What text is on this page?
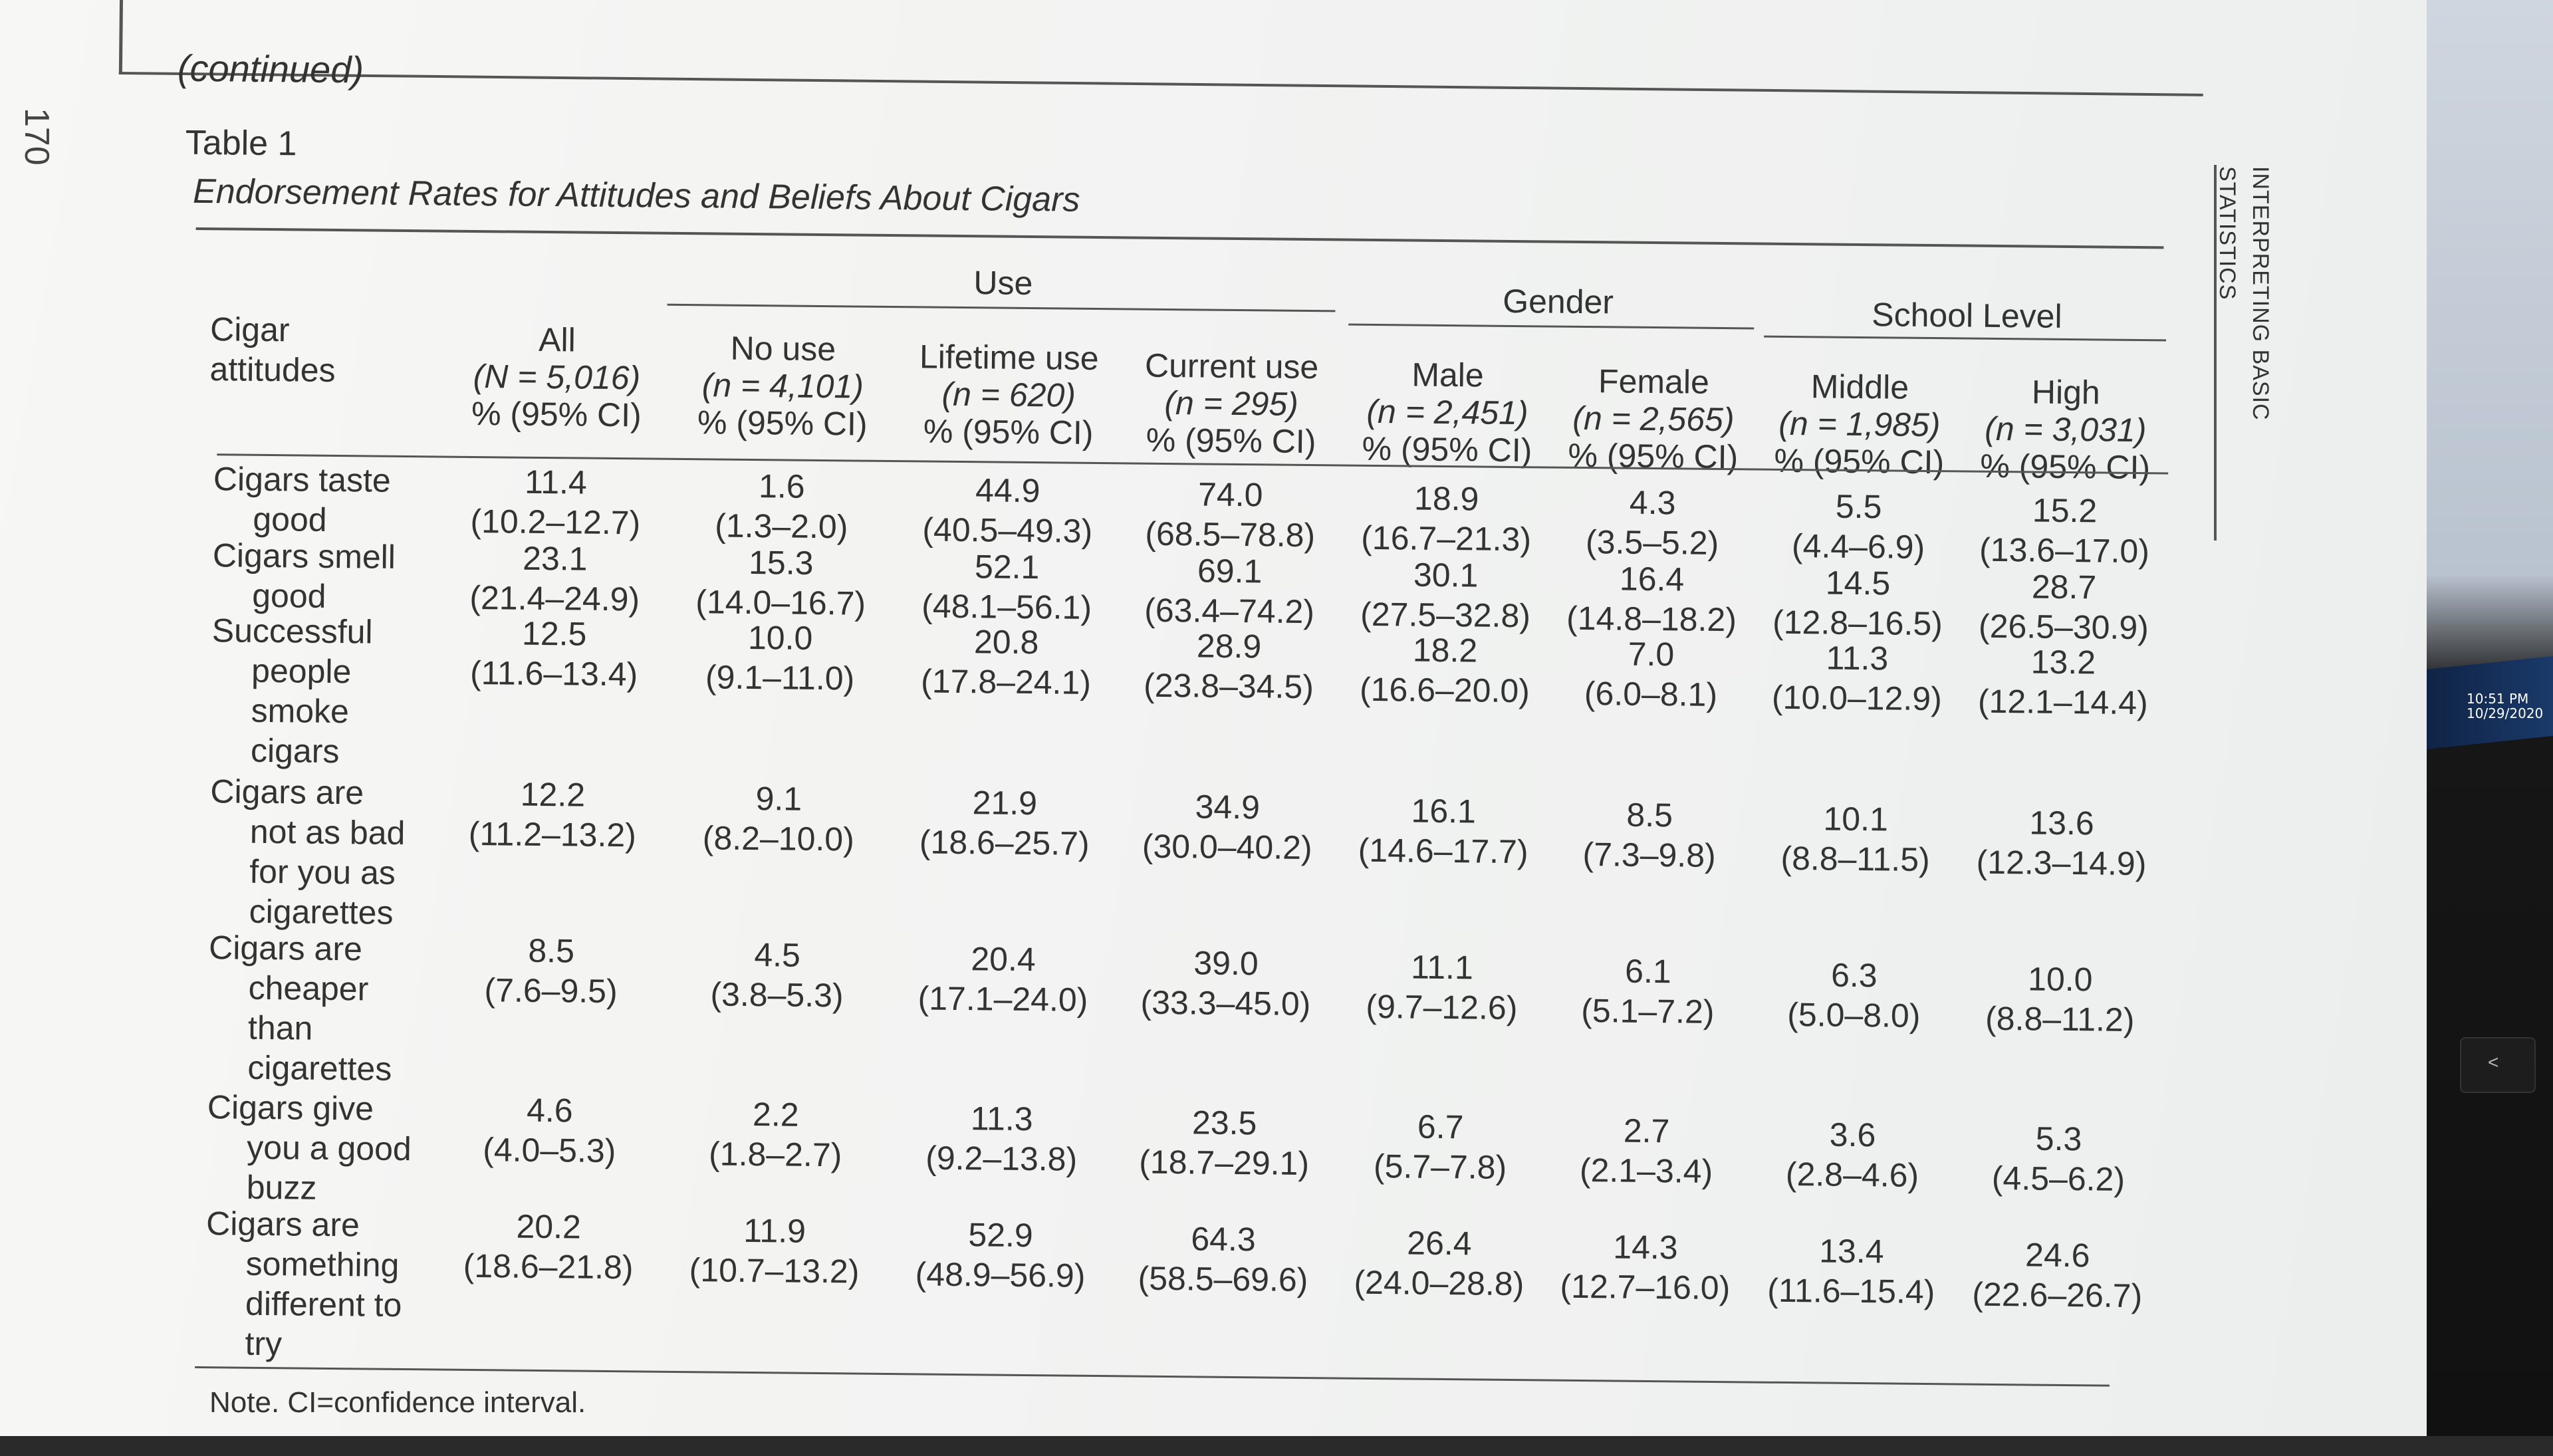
10:51 PM
10/29/2020
<
170
INTERPRETING BASIC STATISTICS
(continued)
Table 1
Endorsement Rates for Attitudes and Beliefs About Cigars
Use	Gender	School Level
Cigar
attitudes
All
(N = 5,016)
% (95% CI)
No use
(n = 4,101)
% (95% CI)
Lifetime use
(n = 620)
% (95% CI)
Current use
(n = 295)
% (95% CI)
Male
(n = 2,451)
% (95% CI)
Female
(n = 2,565)
% (95% CI)
Middle
(n = 1,985)
% (95% CI)
High
(n = 3,031)
% (95% CI)
Cigars taste
good
11.4
(10.2–12.7)
1.6
(1.3–2.0)
44.9
(40.5–49.3)
74.0
(68.5–78.8)
18.9
(16.7–21.3)
4.3
(3.5–5.2)
5.5
(4.4–6.9)
15.2
(13.6–17.0)
Cigars smell
good
23.1
(21.4–24.9)
15.3
(14.0–16.7)
52.1
(48.1–56.1)
69.1
(63.4–74.2)
30.1
(27.5–32.8)
16.4
(14.8–18.2)
14.5
(12.8–16.5)
28.7
(26.5–30.9)
Successful
people
smoke
cigars
12.5
(11.6–13.4)
10.0
(9.1–11.0)
20.8
(17.8–24.1)
28.9
(23.8–34.5)
18.2
(16.6–20.0)
7.0
(6.0–8.1)
11.3
(10.0–12.9)
13.2
(12.1–14.4)
Cigars are
not as bad
for you as
cigarettes
12.2
(11.2–13.2)
9.1
(8.2–10.0)
21.9
(18.6–25.7)
34.9
(30.0–40.2)
16.1
(14.6–17.7)
8.5
(7.3–9.8)
10.1
(8.8–11.5)
13.6
(12.3–14.9)
Cigars are
cheaper
than
cigarettes
8.5
(7.6–9.5)
4.5
(3.8–5.3)
20.4
(17.1–24.0)
39.0
(33.3–45.0)
11.1
(9.7–12.6)
6.1
(5.1–7.2)
6.3
(5.0–8.0)
10.0
(8.8–11.2)
Cigars give
you a good
buzz
4.6
(4.0–5.3)
2.2
(1.8–2.7)
11.3
(9.2–13.8)
23.5
(18.7–29.1)
6.7
(5.7–7.8)
2.7
(2.1–3.4)
3.6
(2.8–4.6)
5.3
(4.5–6.2)
Cigars are
something
different to
try
20.2
(18.6–21.8)
11.9
(10.7–13.2)
52.9
(48.9–56.9)
64.3
(58.5–69.6)
26.4
(24.0–28.8)
14.3
(12.7–16.0)
13.4
(11.6–15.4)
24.6
(22.6–26.7)
Note. CI=confidence interval.
